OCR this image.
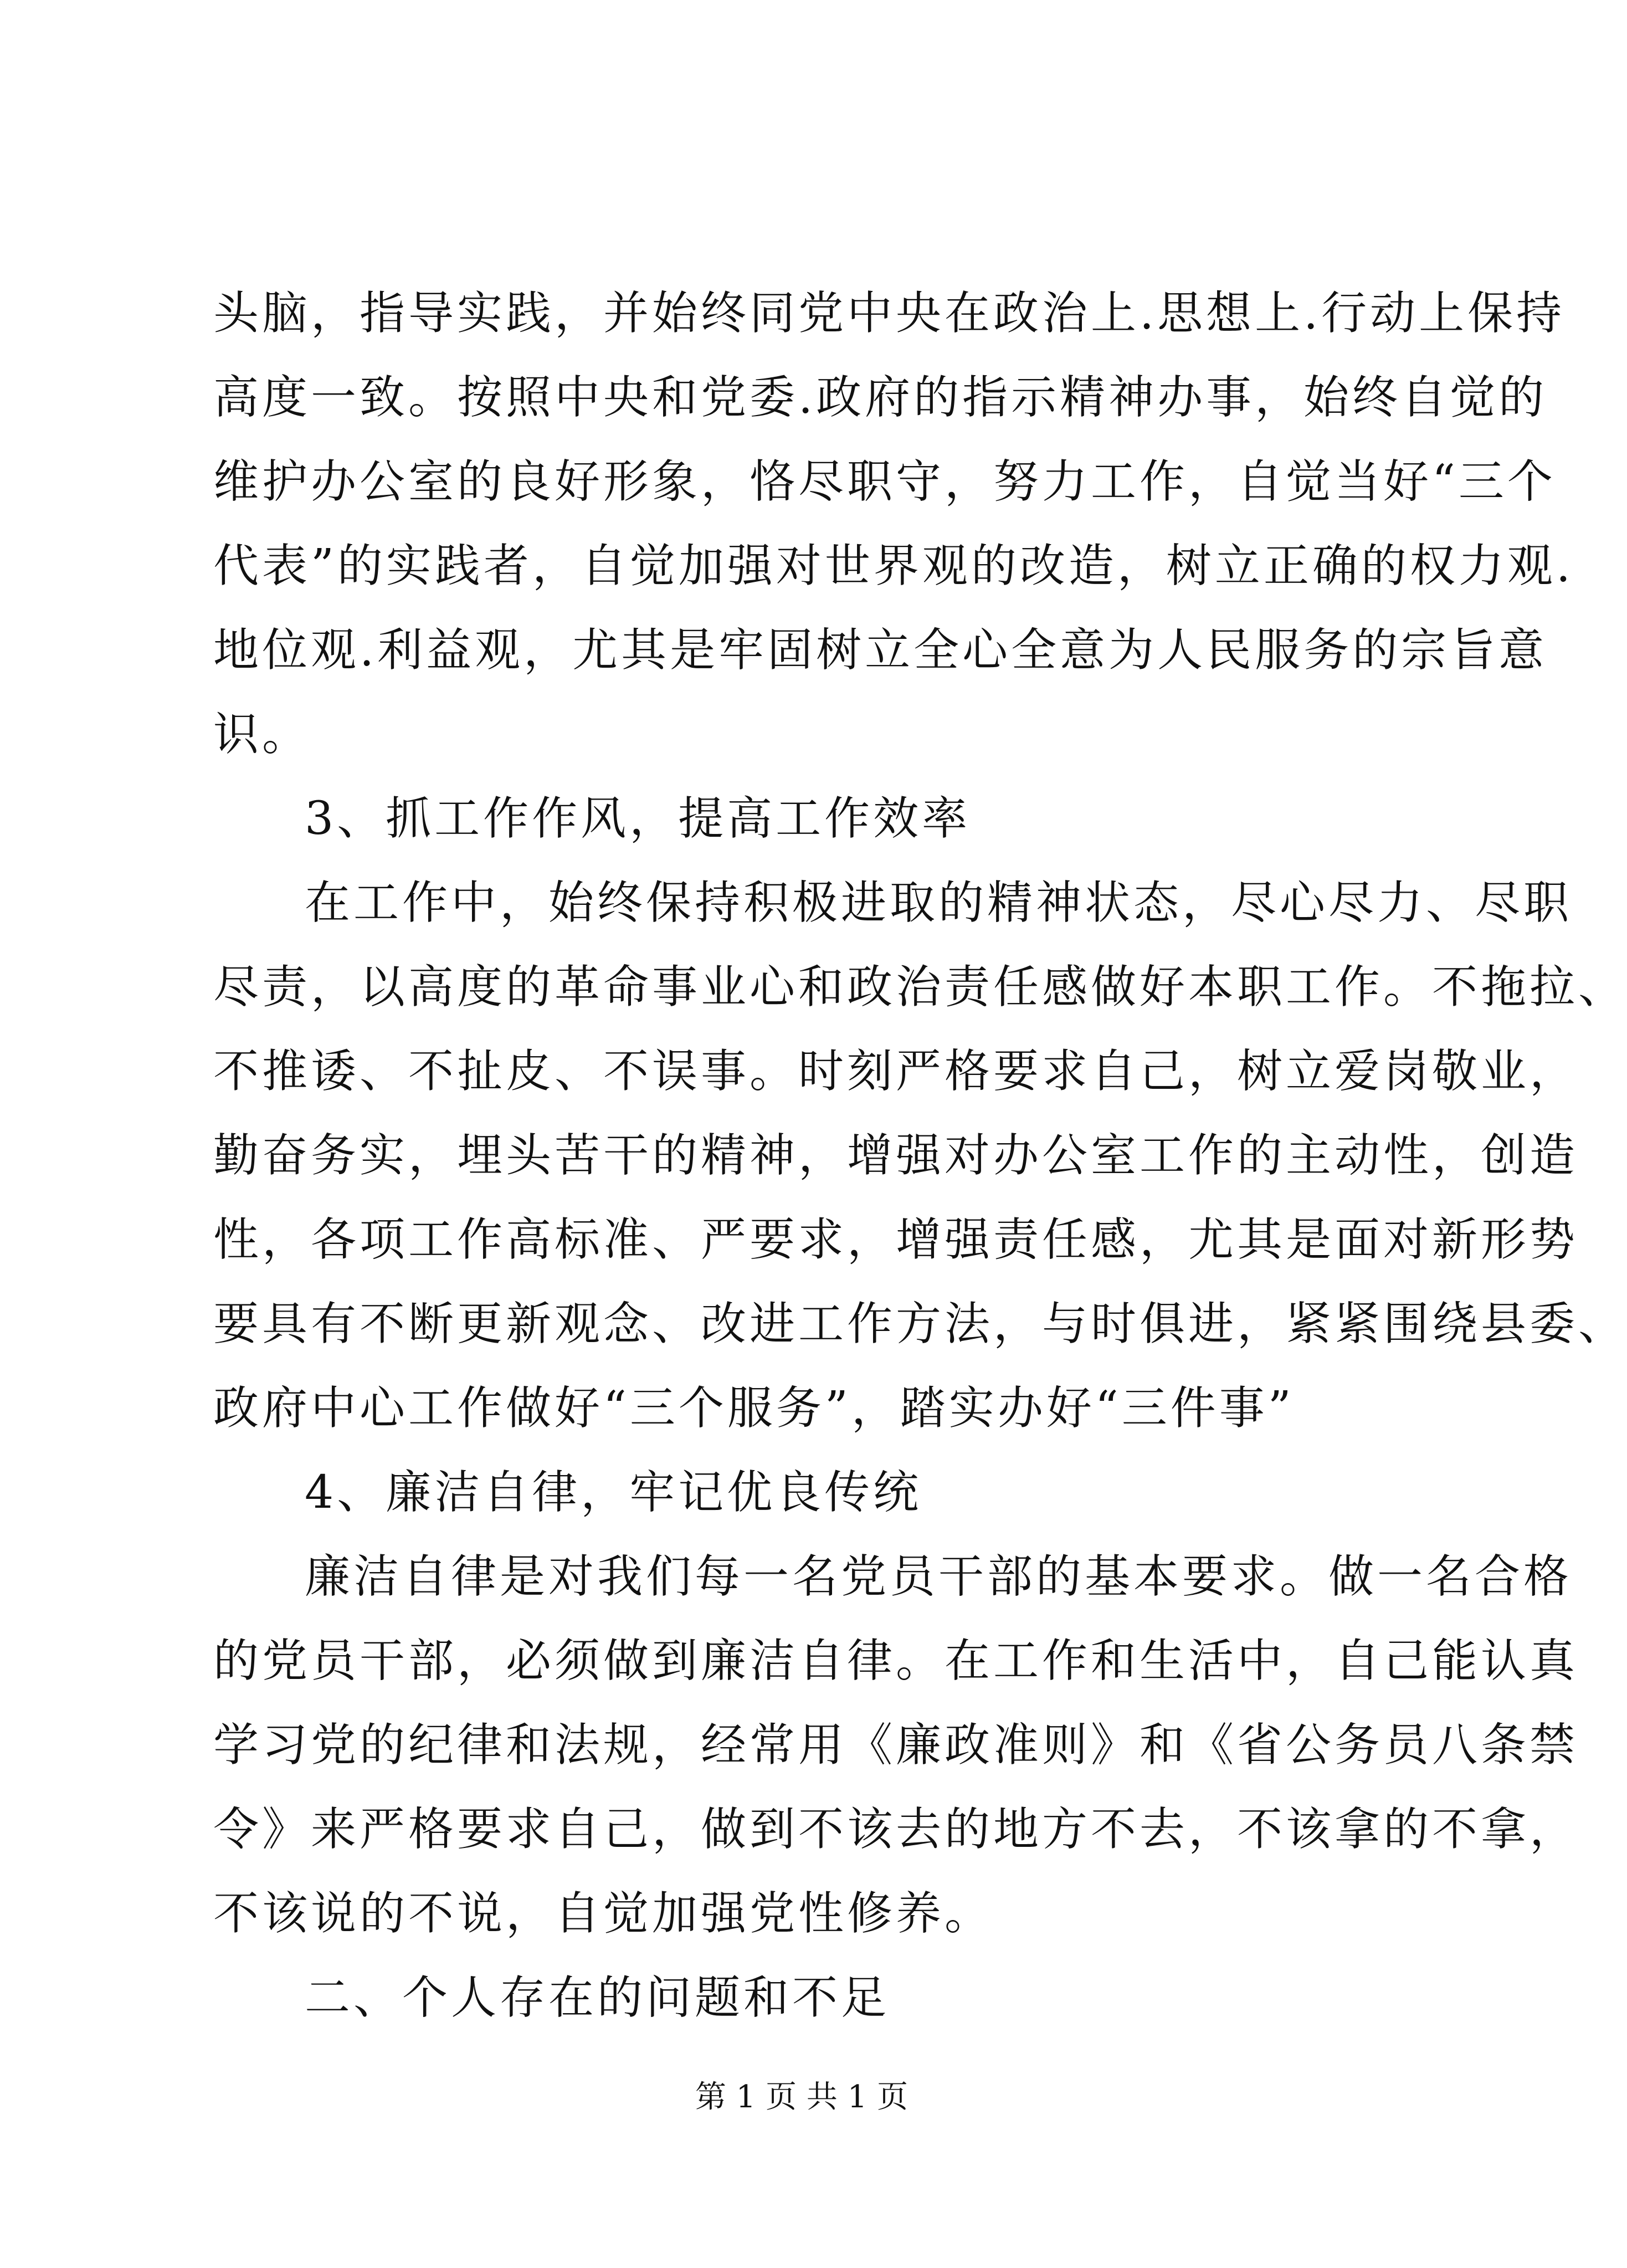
头脑，指导实践，并始终同党中央在政治上.思想上.行动上保持
高度一致。按照中央和党委.政府的指示精神办事，始终自觉的
维护办公室的良好形象，恪尽职守，努力工作，自觉当好“三个
代表”的实践者，自觉加强对世界观的改造，树立正确的权力观.
地位观.利益观，尤其是牢固树立全心全意为人民服务的宗旨意
识。
3、抓工作作风，提高工作效率
在工作中，始终保持积极进取的精神状态，尽心尽力、尽职
尽责，以高度的革命事业心和政治责任感做好本职工作。不拖拉、
不推诿、不扯皮、不误事。时刻严格要求自己，树立爱岗敬业，
勤奋务实，埋头苦干的精神，增强对办公室工作的主动性，创造
性，各项工作高标准、严要求，增强责任感，尤其是面对新形势
要具有不断更新观念、改进工作方法，与时俱进，紧紧围绕县委、
政府中心工作做好“三个服务”，踏实办好“三件事”
4、廉洁自律，牢记优良传统
廉洁自律是对我们每一名党员干部的基本要求。做一名合格
的党员干部，必须做到廉洁自律。在工作和生活中，自己能认真
学习党的纪律和法规，经常用《廉政准则》和《省公务员八条禁
令》来严格要求自己，做到不该去的地方不去，不该拿的不拿，
不该说的不说，自觉加强党性修养。
二、个人存在的问题和不足
第 1 页 共 1 页
